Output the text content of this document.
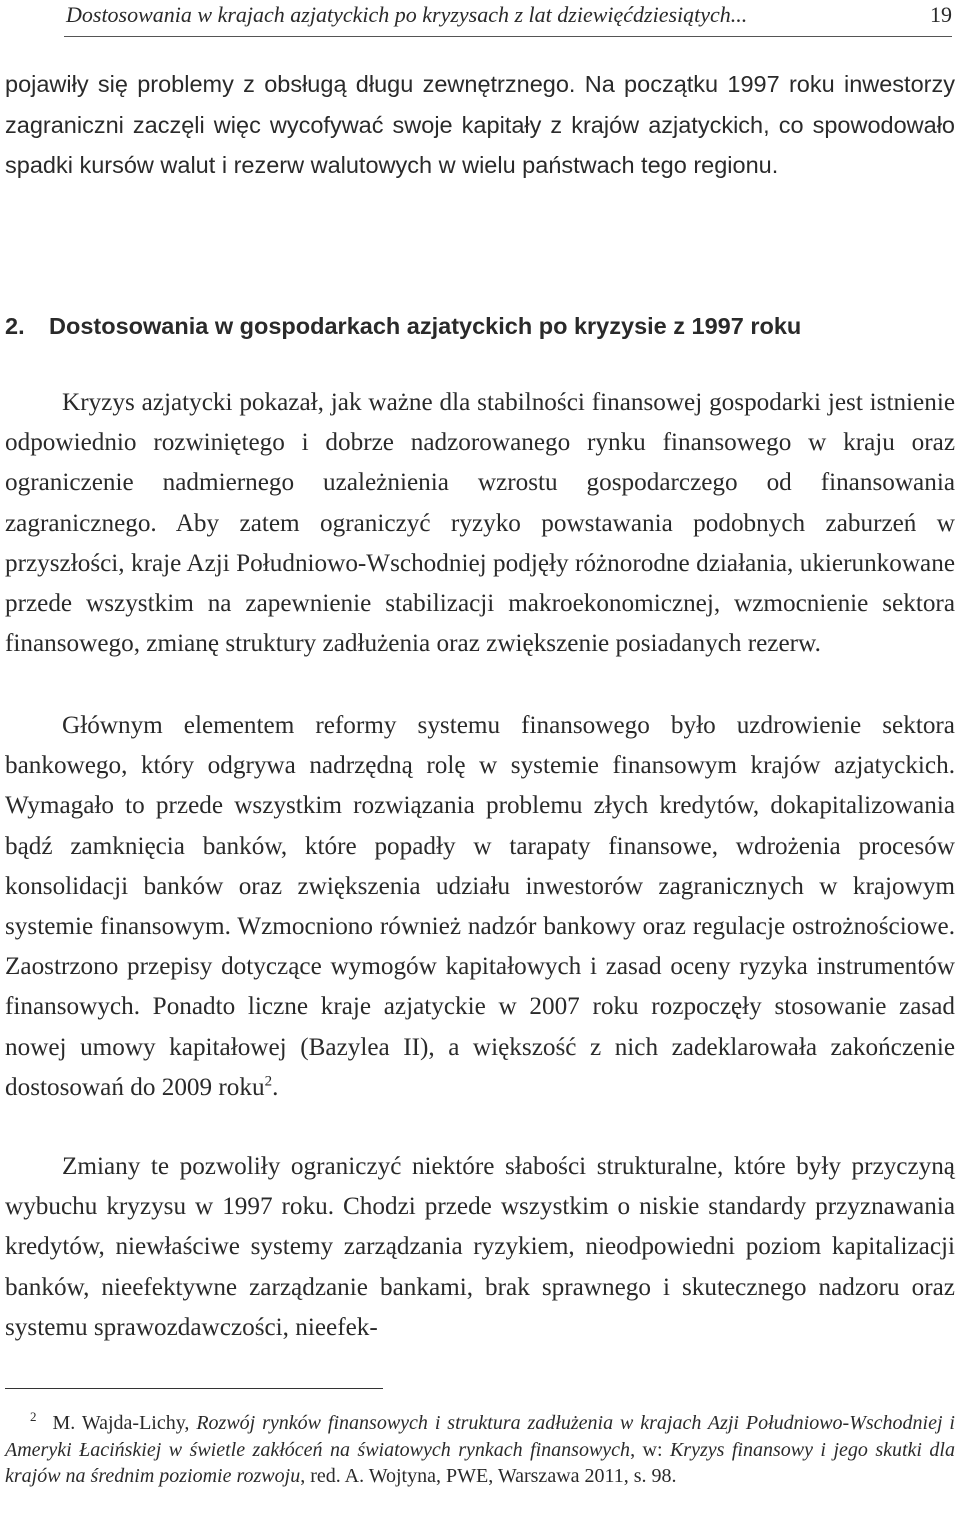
Dostosowania w krajach azjatyckich po kryzysach z lat dziewięćdziesiątych...	19

pojawiły się problemy z obsługą długu zewnętrznego. Na początku 1997 roku inwestorzy zagraniczni zaczęli więc wycofywać swoje kapitały z krajów azjatyckich, co spowodowało spadki kursów walut i rezerw walutowych w wielu państwach tego regionu.

2. Dostosowania w gospodarkach azjatyckich po kryzysie z 1997 roku

Kryzys azjatycki pokazał, jak ważne dla stabilności finansowej gospodarki jest istnienie odpowiednio rozwiniętego i dobrze nadzorowanego rynku finansowego w kraju oraz ograniczenie nadmiernego uzależnienia wzrostu gospodarczego od finansowania zagranicznego. Aby zatem ograniczyć ryzyko powstawania podobnych zaburzeń w przyszłości, kraje Azji Południowo-Wschodniej podjęły różnorodne działania, ukierunkowane przede wszystkim na zapewnienie stabilizacji makroekonomicznej, wzmocnienie sektora finansowego, zmianę struktury zadłużenia oraz zwiększenie posiadanych rezerw.

Głównym elementem reformy systemu finansowego było uzdrowienie sektora bankowego, który odgrywa nadrzędną rolę w systemie finansowym krajów azjatyckich. Wymagało to przede wszystkim rozwiązania problemu złych kredytów, dokapitalizowania bądź zamknięcia banków, które popadły w tarapaty finansowe, wdrożenia procesów konsolidacji banków oraz zwiększenia udziału inwestorów zagranicznych w krajowym systemie finansowym. Wzmocniono również nadzór bankowy oraz regulacje ostrożnościowe. Zaostrzono przepisy dotyczące wymogów kapitałowych i zasad oceny ryzyka instrumentów finansowych. Ponadto liczne kraje azjatyckie w 2007 roku rozpoczęły stosowanie zasad nowej umowy kapitałowej (Bazylea II), a większość z nich zadeklarowała zakończenie dostosowań do 2009 roku$^2$.

Zmiany te pozwoliły ograniczyć niektóre słabości strukturalne, które były przyczyną wybuchu kryzysu w 1997 roku. Chodzi przede wszystkim o niskie standardy przyznawania kredytów, niewłaściwe systemy zarządzania ryzykiem, nieodpowiedni poziom kapitalizacji banków, nieefektywne zarządzanie bankami, brak sprawnego i skutecznego nadzoru oraz systemu sprawozdawczości, nieefek-

$^2$ M. Wajda-Lichy, Rozwój rynków finansowych i struktura zadłużenia w krajach Azji Południowo-Wschodniej i Ameryki Łacińskiej w świetle zakłóceń na światowych rynkach finansowych, w: Kryzys finansowy i jego skutki dla krajów na średnim poziomie rozwoju, red. A. Wojtyna, PWE, Warszawa 2011, s. 98.
